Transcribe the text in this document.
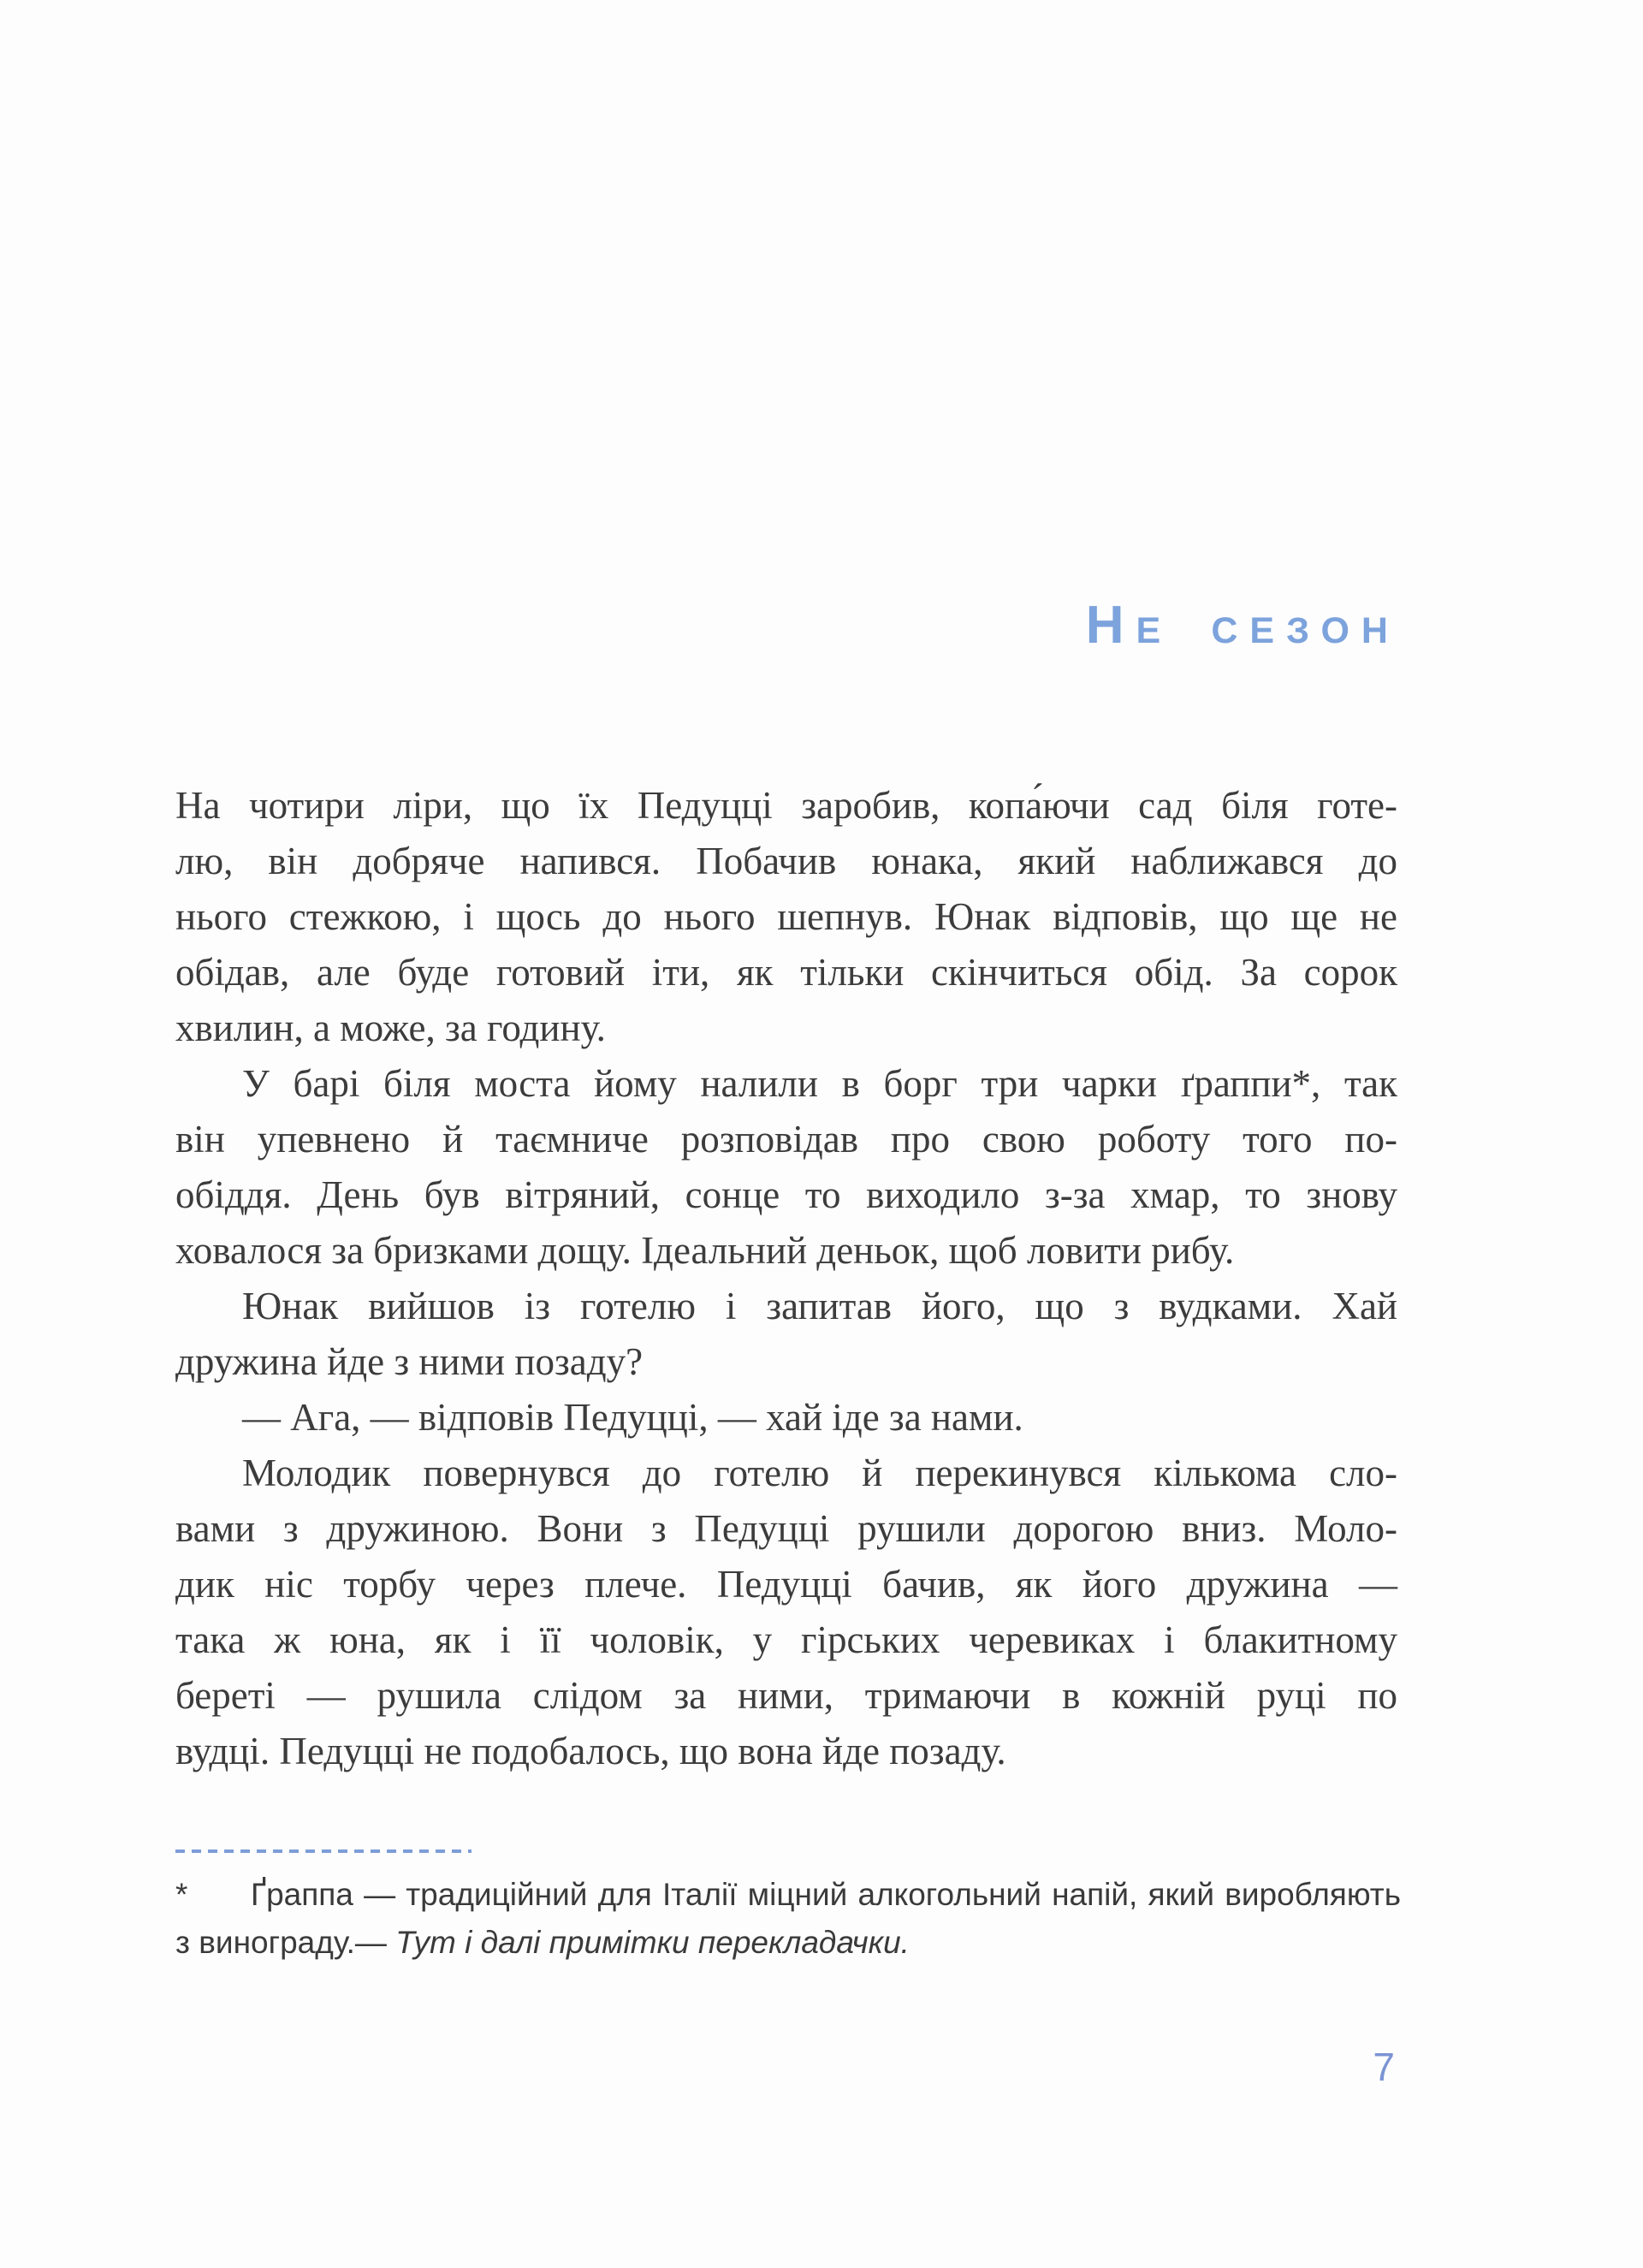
Не сезон
На чотири ліри, що їх Педуцці заробив, копа́ючи сад біля готе-
лю, він добряче напився. Побачив юнака, який наближався до
нього стежкою, і щось до нього шепнув. Юнак відповів, що ще не
обідав, але буде готовий іти, як тільки скінчиться обід. За сорок
хвилин, а може, за годину.
У барі біля моста йому налили в борг три чарки ґраппи*, так
він упевнено й таємниче розповідав про свою роботу того по-
обіддя. День був вітряний, сонце то виходило з-за хмар, то знову
ховалося за бризками дощу. Ідеальний деньок, щоб ловити рибу.
Юнак вийшов із готелю і запитав його, що з вудками. Хай
дружина йде з ними позаду?
— Ага, — відповів Педуцці, — хай іде за нами.
Молодик повернувся до готелю й перекинувся кількома сло-
вами з дружиною. Вони з Педуцці рушили дорогою вниз. Моло-
дик ніс торбу через плече. Педуцці бачив, як його дружина —
така ж юна, як і її чоловік, у гірських черевиках і блакитному
береті — рушила слідом за ними, тримаючи в кожній руці по
вудці. Педуцці не подобалось, що вона йде позаду.
* Ґраппа — традиційний для Італії міцний алкогольний напій, який виробляють
з винограду.— Тут і далі примітки перекладачки.
7
